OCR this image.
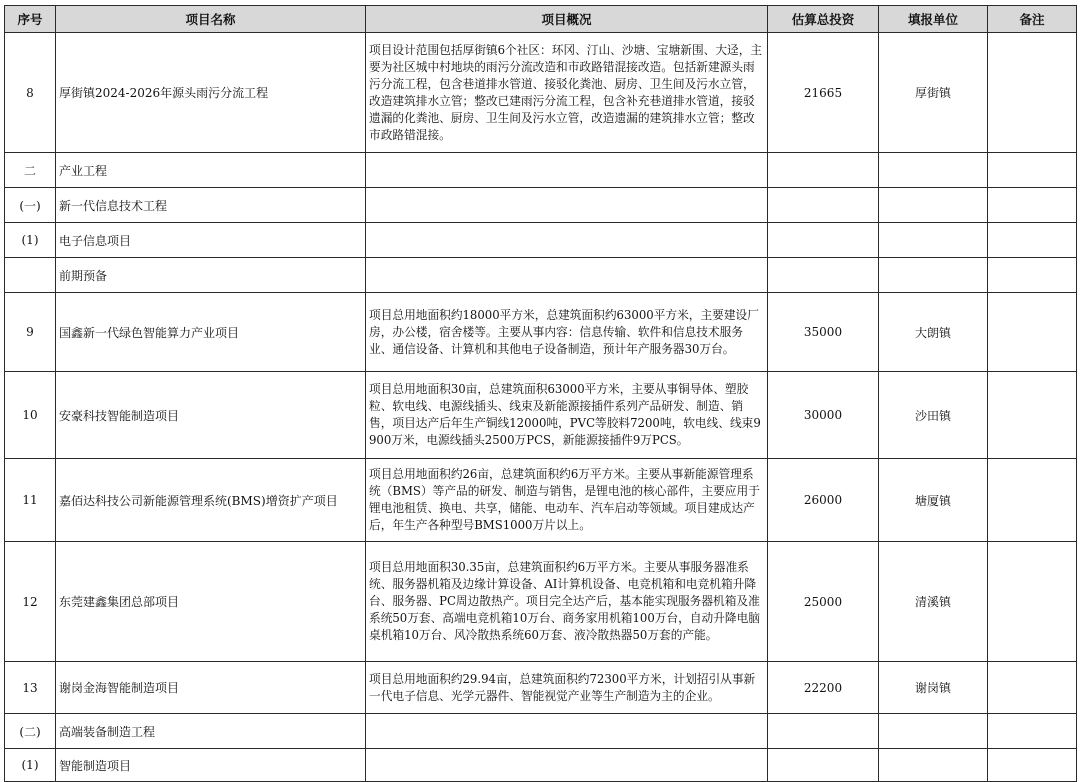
序号	项目名称	项目概况	估算总投资	填报单位	备注
8	厚街镇2024-2026年源头雨污分流工程	项目设计范围包括厚街镇6个社区：环冈、汀山、沙塘、宝塘新围、大迳，主要为社区城中村地块的雨污分流改造和市政路错混接改造。包括新建源头雨污分流工程，包含巷道排水管道、接驳化粪池、厨房、卫生间及污水立管，改造建筑排水立管；整改已建雨污分流工程，包含补充巷道排水管道，接驳遗漏的化粪池、厨房、卫生间及污水立管，改造遗漏的建筑排水立管；整改市政路错混接。	21665	厚街镇	
二	产业工程				
(一)	新一代信息技术工程				
(1)	电子信息项目				
	前期预备				
9	国鑫新一代绿色智能算力产业项目	项目总用地面积约18000平方米，总建筑面积约63000平方米，主要建设厂房，办公楼，宿舍楼等。主要从事内容：信息传输、软件和信息技术服务业、通信设备、计算机和其他电子设备制造，预计年产服务器30万台。	35000	大朗镇	
10	安豪科技智能制造项目	项目总用地面积30亩，总建筑面积63000平方米，主要从事铜导体、塑胶粒、软电线、电源线插头、线束及新能源接插件系列产品研发、制造、销售，项目达产后年生产铜线12000吨，PVC等胶料7200吨，软电线、线束9900万米，电源线插头2500万PCS，新能源接插件9万PCS。	30000	沙田镇	
11	嘉佰达科技公司新能源管理系统(BMS)增资扩产项目	项目总用地面积约26亩，总建筑面积约6万平方米。主要从事新能源管理系统（BMS）等产品的研发、制造与销售，是锂电池的核心部件，主要应用于锂电池租赁、换电、共享，储能、电动车、汽车启动等领域。项目建成达产后，年生产各种型号BMS1000万片以上。	26000	塘厦镇	
12	东莞建鑫集团总部项目	项目总用地面积30.35亩，总建筑面积约6万平方米。主要从事服务器准系统、服务器机箱及边缘计算设备、AI计算机设备、电竞机箱和电竞机箱升降台、服务器、PC周边散热产。项目完全达产后，基本能实现服务器机箱及准系统50万套、高端电竞机箱10万台、商务家用机箱100万台，自动升降电脑桌机箱10万台、风冷散热系统60万套、液冷散热器50万套的产能。	25000	清溪镇	
13	谢岗金海智能制造项目	项目总用地面积约29.94亩，总建筑面积约72300平方米，计划招引从事新一代电子信息、光学元器件、智能视觉产业等生产制造为主的企业。	22200	谢岗镇	
(二)	高端装备制造工程				
(1)	智能制造项目				
